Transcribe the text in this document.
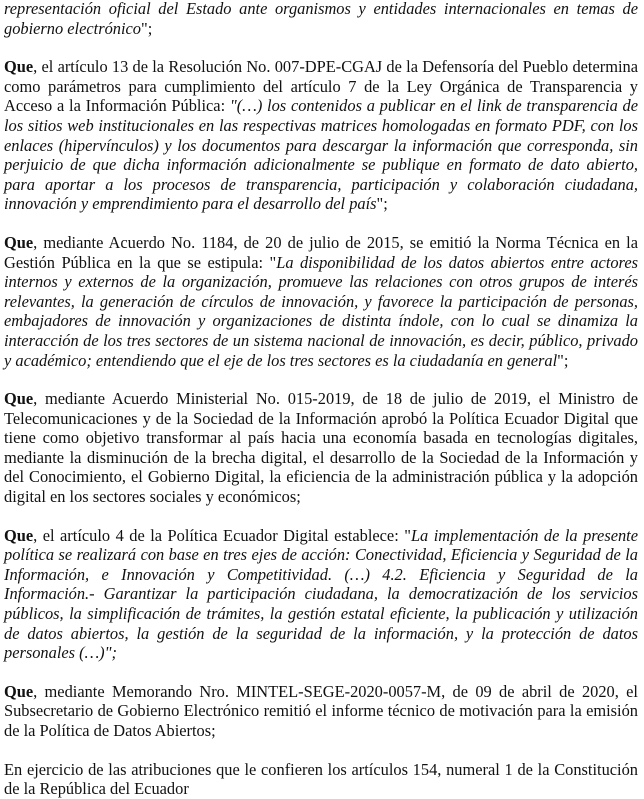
representación oficial del Estado ante organismos y entidades internacionales en temas de gobierno electrónico";

Que, el artículo 13 de la Resolución No. 007-DPE-CGAJ de la Defensoría del Pueblo determina como parámetros para cumplimiento del artículo 7 de la Ley Orgánica de Transparencia y Acceso a la Información Pública: "(…) los contenidos a publicar en el link de transparencia de los sitios web institucionales en las respectivas matrices homologadas en formato PDF, con los enlaces (hipervínculos) y los documentos para descargar la información que corresponda, sin perjuicio de que dicha información adicionalmente se publique en formato de dato abierto, para aportar a los procesos de transparencia, participación y colaboración ciudadana, innovación y emprendimiento para el desarrollo del país";

Que, mediante Acuerdo No. 1184, de 20 de julio de 2015, se emitió la Norma Técnica en la Gestión Pública en la que se estipula: "La disponibilidad de los datos abiertos entre actores internos y externos de la organización, promueve las relaciones con otros grupos de interés relevantes, la generación de círculos de innovación, y favorece la participación de personas, embajadores de innovación y organizaciones de distinta índole, con lo cual se dinamiza la interacción de los tres sectores de un sistema nacional de innovación, es decir, público, privado y académico; entendiendo que el eje de los tres sectores es la ciudadanía en general";

Que, mediante Acuerdo Ministerial No. 015-2019, de 18 de julio de 2019, el Ministro de Telecomunicaciones y de la Sociedad de la Información aprobó la Política Ecuador Digital que tiene como objetivo transformar al país hacia una economía basada en tecnologías digitales, mediante la disminución de la brecha digital, el desarrollo de la Sociedad de la Información y del Conocimiento, el Gobierno Digital, la eficiencia de la administración pública y la adopción digital en los sectores sociales y económicos;

Que, el artículo 4 de la Política Ecuador Digital establece: "La implementación de la presente política se realizará con base en tres ejes de acción: Conectividad, Eficiencia y Seguridad de la Información, e Innovación y Competitividad. (…) 4.2. Eficiencia y Seguridad de la Información.- Garantizar la participación ciudadana, la democratización de los servicios públicos, la simplificación de trámites, la gestión estatal eficiente, la publicación y utilización de datos abiertos, la gestión de la seguridad de la información, y la protección de datos personales (…)";

Que, mediante Memorando Nro. MINTEL-SEGE-2020-0057-M, de 09 de abril de 2020, el Subsecretario de Gobierno Electrónico remitió el informe técnico de motivación para la emisión de la Política de Datos Abiertos;

En ejercicio de las atribuciones que le confieren los artículos 154, numeral 1 de la Constitución de la República del Ecuador
